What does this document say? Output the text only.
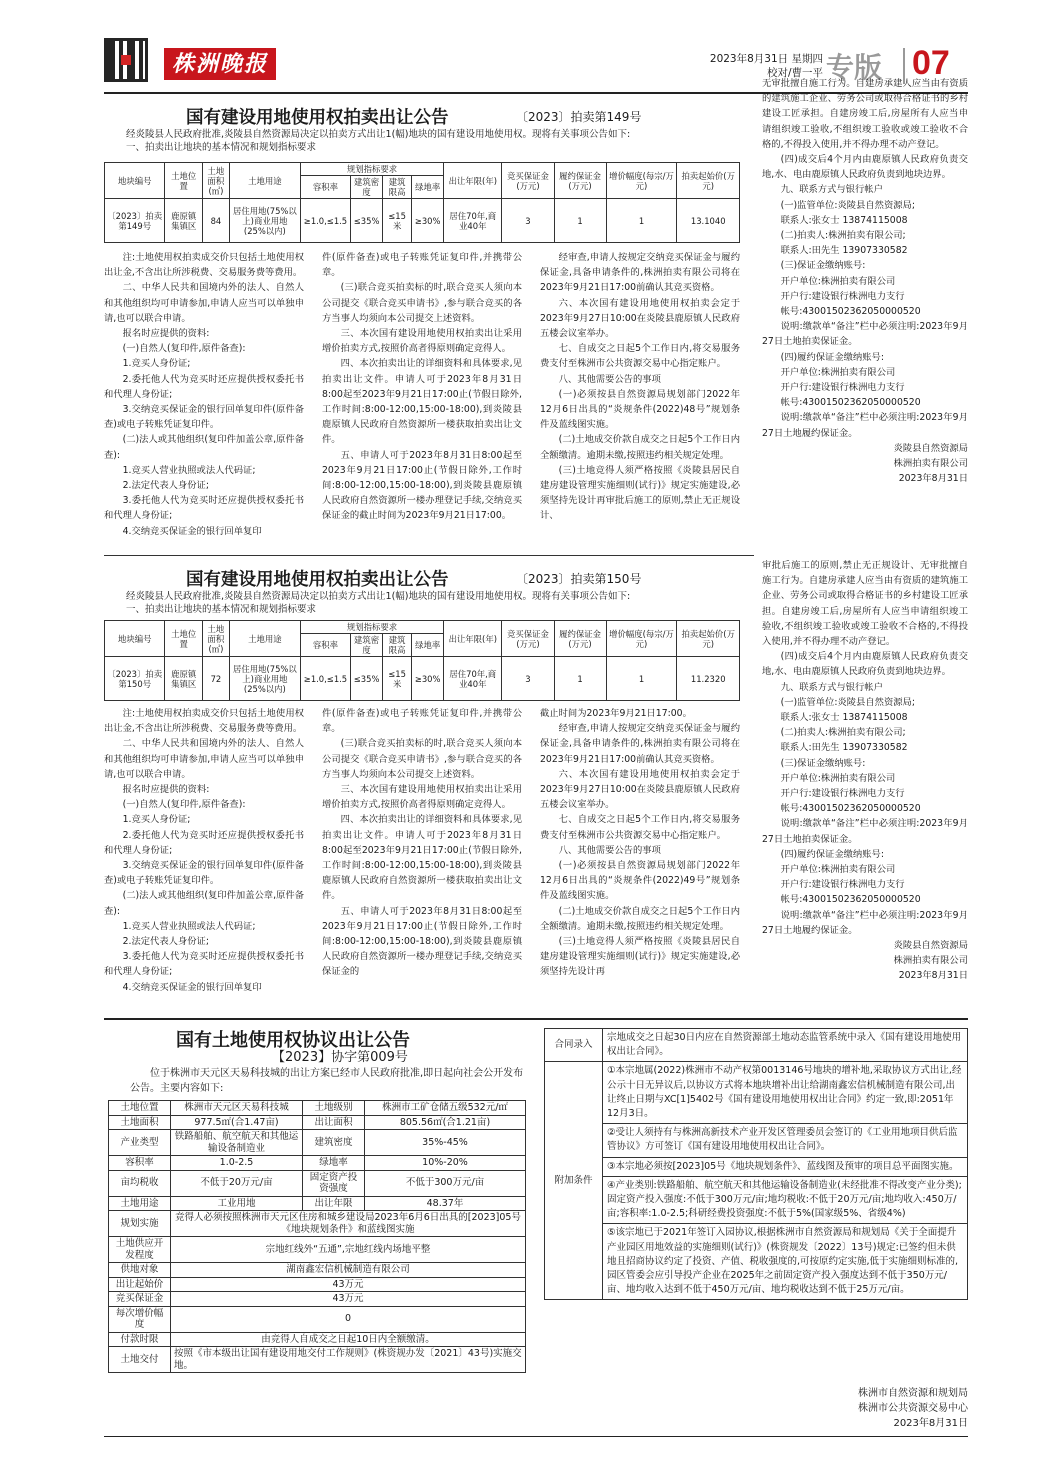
株洲晚报	2023年8月31日 星期四
校对/曹一平 专版 07
国有建设用地使用权拍卖出让公告	〔2023〕拍卖第149号
经炎陵县人民政府批准,炎陵县自然资源局决定以拍卖方式出让1(幅)地块的国有建设用地使用权。现将有关事项公告如下:
一、拍卖出让地块的基本情况和规划指标要求
地块编号	土地位置	土地面积(㎡)	土地用途	规划指标要求				出让年限(年)	竞买保证金(万元)	履约保证金(万元)	增价幅度(每宗/万元)	拍卖起始价(万元)
				容积率	建筑密度	建筑限高	绿地率					
〔2023〕拍卖第149号	鹿原镇集镇区	84	居住用地(75%以上)商业用地(25%以内)	≥1.0,≤1.5	≤35%	≤15米	≥30%	居住70年,商业40年	3	1	1	13.1040

注:土地使用权拍卖成交价只包括土地使用权出让金,不含出让所涉税费、交易服务费等费用。

二、中华人民共和国境内外的法人、自然人和其他组织均可申请参加,申请人应当可以单独申请,也可以联合申请。

报名时应提供的资料:

(一)自然人(复印件,原件备查):

1.竞买人身份证;

2.委托他人代为竞买时还应提供授权委托书和代理人身份证;

3.交纳竞买保证金的银行回单复印件(原件备查)或电子转账凭证复印件。

(二)法人或其他组织(复印件加盖公章,原件备查):

1.竞买人营业执照或法人代码证;

2.法定代表人身份证;

3.委托他人代为竞买时还应提供授权委托书和代理人身份证;

4.交纳竞买保证金的银行回单复印

件(原件备查)或电子转账凭证复印件,并携带公章。

(三)联合竞买拍卖标的时,联合竞买人须向本公司提交《联合竞买申请书》,参与联合竞买的各方当事人均须向本公司提交上述资料。

三、本次国有建设用地使用权拍卖出让采用增价拍卖方式,按照价高者得原则确定竞得人。

四、本次拍卖出让的详细资料和具体要求,见拍卖出让文件。申请人可于2023年8月31日8:00起至2023年9月21日17:00止(节假日除外,工作时间:8:00-12:00,15:00-18:00),到炎陵县鹿原镇人民政府自然资源所一楼获取拍卖出让文件。

五、申请人可于2023年8月31日8:00起至2023年9月21日17:00止(节假日除外,工作时间:8:00-12:00,15:00-18:00),到炎陵县鹿原镇人民政府自然资源所一楼办理登记手续,交纳竞买保证金的截止时间为2023年9月21日17:00。

经审查,申请人按规定交纳竞买保证金与履约保证金,具备申请条件的,株洲拍卖有限公司将在2023年9月21日17:00前确认其竞买资格。

六、本次国有建设用地使用权拍卖会定于2023年9月27日10:00在炎陵县鹿原镇人民政府五楼会议室举办。

七、自成交之日起5个工作日内,将交易服务费支付至株洲市公共资源交易中心指定账户。

八、其他需要公告的事项

(一)必须按县自然资源局规划部门2022年12月6日出具的“炎规条件(2022)48号”规划条件及蓝线图实施。

(二)土地成交价款自成交之日起5个工作日内全额缴清。逾期未缴,按照违约相关规定处理。

(三)土地竞得人须严格按照《炎陵县居民自建房建设管理实施细则(试行)》规定实施建设,必须坚持先设计再审批后施工的原则,禁止无正规设计、

无审批擅自施工行为。自建房承建人应当由有资质的建筑施工企业、劳务公司或取得合格证书的乡村建设工匠承担。自建房竣工后,房屋所有人应当申请组织竣工验收,不组织竣工验收或竣工验收不合格的,不得投入使用,并不得办理不动产登记。

(四)成交后4个月内由鹿原镇人民政府负责交地,水、电由鹿原镇人民政府负责到地块边界。

九、联系方式与银行帐户

(一)监管单位:炎陵县自然资源局;

联系人:张女士 13874115008

(二)拍卖人:株洲拍卖有限公司;

联系人:田先生 13907330582

(三)保证金缴纳账号:

开户单位:株洲拍卖有限公司

开户行:建设银行株洲电力支行

帐号:43001502362050000520

说明:缴款单“备注”栏中必须注明:2023年9月27日土地拍卖保证金。

(四)履约保证金缴纳账号:

开户单位:株洲拍卖有限公司

开户行:建设银行株洲电力支行

帐号:43001502362050000520

说明:缴款单“备注”栏中必须注明:2023年9月27日土地履约保证金。

炎陵县自然资源局
株洲拍卖有限公司
2023年8月31日
国有建设用地使用权拍卖出让公告	〔2023〕拍卖第150号
经炎陵县人民政府批准,炎陵县自然资源局决定以拍卖方式出让1(幅)地块的国有建设用地使用权。现将有关事项公告如下:
一、拍卖出让地块的基本情况和规划指标要求
地块编号	土地位置	土地面积(㎡)	土地用途	规划指标要求				出让年限(年)	竞买保证金(万元)	履约保证金(万元)	增价幅度(每宗/万元)	拍卖起始价(万元)
				容积率	建筑密度	建筑限高	绿地率					
〔2023〕拍卖第150号	鹿原镇集镇区	72	居住用地(75%以上)商业用地(25%以内)	≥1.0,≤1.5	≤35%	≤15米	≥30%	居住70年,商业40年	3	1	1	11.2320

注:土地使用权拍卖成交价只包括土地使用权出让金,不含出让所涉税费、交易服务费等费用。

二、中华人民共和国境内外的法人、自然人和其他组织均可申请参加,申请人应当可以单独申请,也可以联合申请。

报名时应提供的资料:

(一)自然人(复印件,原件备查):

1.竞买人身份证;

2.委托他人代为竞买时还应提供授权委托书和代理人身份证;

3.交纳竞买保证金的银行回单复印件(原件备查)或电子转账凭证复印件。

(二)法人或其他组织(复印件加盖公章,原件备查):

1.竞买人营业执照或法人代码证;

2.法定代表人身份证;

3.委托他人代为竞买时还应提供授权委托书和代理人身份证;

4.交纳竞买保证金的银行回单复印

件(原件备查)或电子转账凭证复印件,并携带公章。

(三)联合竞买拍卖标的时,联合竞买人须向本公司提交《联合竞买申请书》,参与联合竞买的各方当事人均须向本公司提交上述资料。

三、本次国有建设用地使用权拍卖出让采用增价拍卖方式,按照价高者得原则确定竞得人。

四、本次拍卖出让的详细资料和具体要求,见拍卖出让文件。申请人可于2023年8月31日8:00起至2023年9月21日17:00止(节假日除外,工作时间:8:00-12:00,15:00-18:00),到炎陵县鹿原镇人民政府自然资源所一楼获取拍卖出让文件。

五、申请人可于2023年8月31日8:00起至2023年9月21日17:00止(节假日除外,工作时间:8:00-12:00,15:00-18:00),到炎陵县鹿原镇人民政府自然资源所一楼办理登记手续,交纳竞买保证金的

截止时间为2023年9月21日17:00。

经审查,申请人按规定交纳竞买保证金与履约保证金,具备申请条件的,株洲拍卖有限公司将在2023年9月21日17:00前确认其竞买资格。

六、本次国有建设用地使用权拍卖会定于2023年9月27日10:00在炎陵县鹿原镇人民政府五楼会议室举办。

七、自成交之日起5个工作日内,将交易服务费支付至株洲市公共资源交易中心指定账户。

八、其他需要公告的事项

(一)必须按县自然资源局规划部门2022年12月6日出具的“炎规条件(2022)49号”规划条件及蓝线图实施。

(二)土地成交价款自成交之日起5个工作日内全额缴清。逾期未缴,按照违约相关规定处理。

(三)土地竞得人须严格按照《炎陵县居民自建房建设管理实施细则(试行)》规定实施建设,必须坚持先设计再

审批后施工的原则,禁止无正规设计、无审批擅自施工行为。自建房承建人应当由有资质的建筑施工企业、劳务公司或取得合格证书的乡村建设工匠承担。自建房竣工后,房屋所有人应当申请组织竣工验收,不组织竣工验收或竣工验收不合格的,不得投入使用,并不得办理不动产登记。

(四)成交后4个月内由鹿原镇人民政府负责交地,水、电由鹿原镇人民政府负责到地块边界。

九、联系方式与银行帐户

(一)监管单位:炎陵县自然资源局;

联系人:张女士 13874115008

(二)拍卖人:株洲拍卖有限公司;

联系人:田先生 13907330582

(三)保证金缴纳账号:

开户单位:株洲拍卖有限公司

开户行:建设银行株洲电力支行

帐号:43001502362050000520

说明:缴款单“备注”栏中必须注明:2023年9月27日土地拍卖保证金。

(四)履约保证金缴纳账号:

开户单位:株洲拍卖有限公司

开户行:建设银行株洲电力支行

帐号:43001502362050000520

说明:缴款单“备注”栏中必须注明:2023年9月27日土地履约保证金。

炎陵县自然资源局
株洲拍卖有限公司
2023年8月31日
国有土地使用权协议出让公告
【2023】协字第009号
位于株洲市天元区天易科技城的出让方案已经市人民政府批准,即日起向社会公开发布公告。主要内容如下:
土地位置	株洲市天元区天易科技城	土地级别	株洲市工矿仓储五级532元/㎡
土地面积	977.5㎡(合1.47亩)	出让面积	805.56㎡(合1.21亩)
产业类型	铁路船舶、航空航天和其他运输设备制造业	建筑密度	35%-45%
容积率	1.0-2.5	绿地率	10%-20%
亩均税收	不低于20万元/亩	固定资产投资强度	不低于300万元/亩
土地用途	工业用地	出让年限	48.37年
规划实施	竞得人必须按照株洲市天元区住房和城乡建设局2023年6月6日出具的[2023]05号《地块规划条件》和蓝线图实施		
土地供应开发程度	宗地红线外“五通”,宗地红线内场地平整		
供地对象	湖南鑫宏信机械制造有限公司		
出让起始价	43万元		
竞买保证金	43万元		
每次增价幅度	0		
付款时限	由竞得人自成交之日起10日内全额缴清。		
土地交付	按照《市本级出让国有建设用地交付工作规则》(株资规办发〔2021〕43号)实施交地。		
合同录入	宗地成交之日起30日内应在自然资源部土地动态监管系统中录入《国有建设用地使用权出让合同》。
附加条件	①本宗地属(2022)株洲市不动产权第0013146号地块的增补地,采取协议方式出让,经公示十日无异议后,以协议方式将本地块增补出让给湖南鑫宏信机械制造有限公司,出让终止日期与XC[1]5402号《国有建设用地使用权出让合同》约定一致,即:2051年12月3日。
	②受让人须持有与株洲高新技术产业开发区管理委员会签订的《工业用地项目供后监管协议》方可签订《国有建设用地使用权出让合同》。
	③本宗地必须按[2023]05号《地块规划条件》、蓝线图及预审的项目总平面图实施。
	④产业类别:铁路船舶、航空航天和其他运输设备制造业(未经批准不得改变产业分类);固定资产投入强度:不低于300万元/亩;地均税收:不低于20万元/亩;地均收入:450万/亩;容积率:1.0-2.5;科研经费投资强度:不低于5%(国家级5%、省级4%)
	⑤该宗地已于2021年签订入园协议,根据株洲市自然资源局和规划局《关于全面提升产业园区用地效益的实施细则(试行)》(株资规发〔2022〕13号)规定:已签约但未供地且招商协议约定了投资、产值、税收强度的,可按原约定实施,低于实施细则标准的,园区管委会应引导投产企业在2025年之前固定资产投入强度达到不低于350万元/亩、地均收入达到不低于450万元/亩、地均税收达到不低于25万元/亩。
株洲市自然资源和规划局
株洲市公共资源交易中心
2023年8月31日
